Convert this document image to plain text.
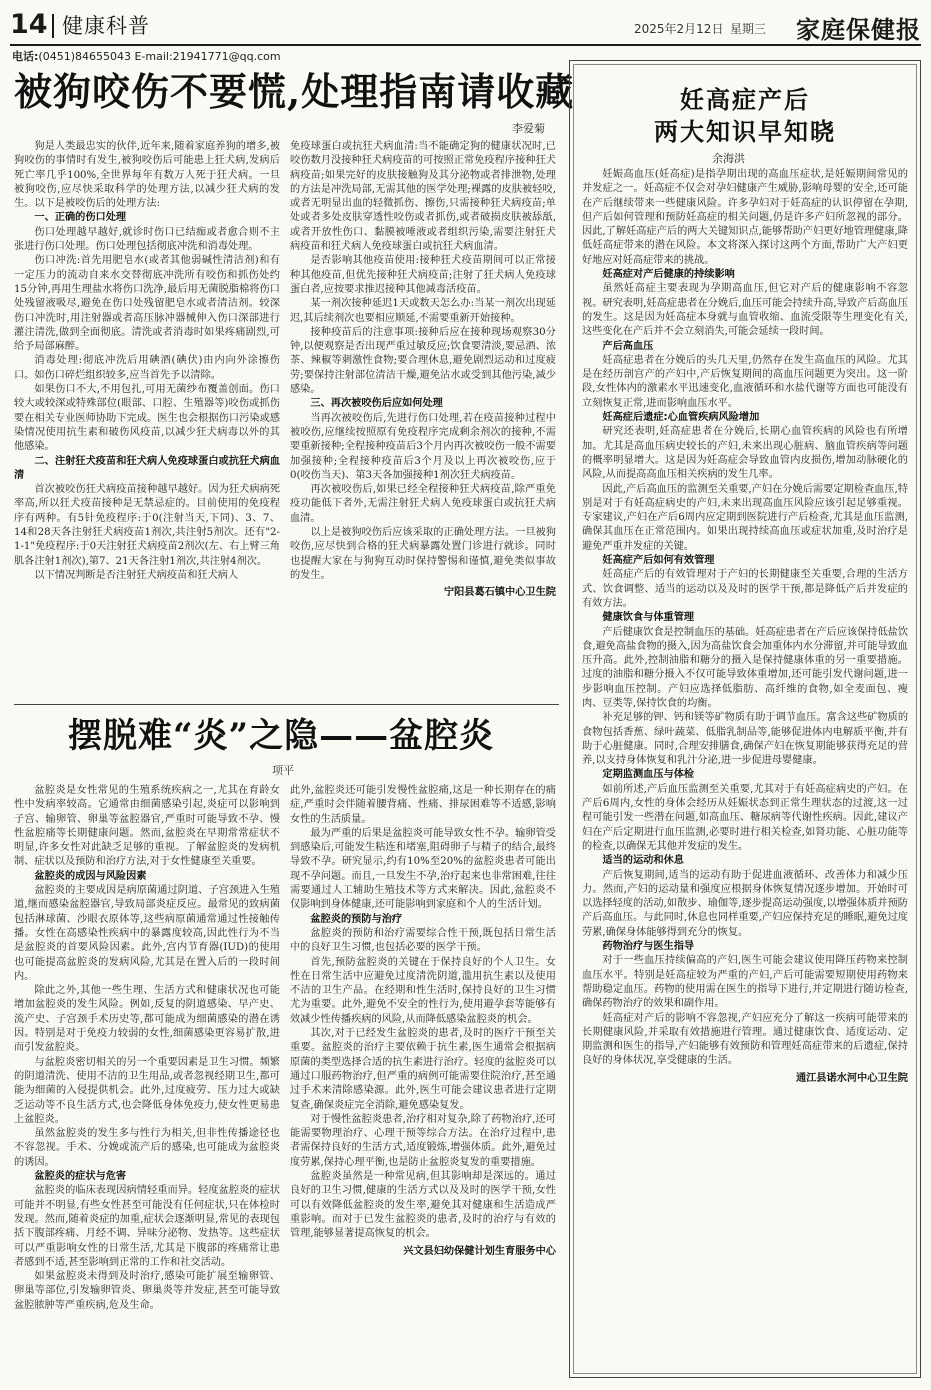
14 健康科普	2025年2月12日 星期三 家庭保健报
电话:(0451)84655043 E-mail:21941771@qq.com
被狗咬伤不要慌,处理指南请收藏
李爱菊

狗是人类最忠实的伙伴,近年来,随着家庭养狗的增多,被狗咬伤的事情时有发生,被狗咬伤后可能患上狂犬病,发病后死亡率几乎100%,全世界每年有数万人死于狂犬病。一旦被狗咬伤,应尽快采取科学的处理方法,以减少狂犬病的发生。以下是被咬伤后的处理方法:

一、正确的伤口处理

伤口处理越早越好,就诊时伤口已结痂或者愈合则不主张进行伤口处理。伤口处理包括彻底冲洗和消毒处理。

伤口冲洗:首先用肥皂水(或者其他弱碱性清洁剂)和有一定压力的流动自来水交替彻底冲洗所有咬伤和抓伤处约15分钟,再用生理盐水将伤口洗净,最后用无菌脱脂棉将伤口处残留液吸尽,避免在伤口处残留肥皂水或者清洁剂。较深伤口冲洗时,用注射器或者高压脉冲器械伸入伤口深部进行灌注清洗,做到全面彻底。清洗或者消毒时如果疼痛剧烈,可给予局部麻醉。

消毒处理:彻底冲洗后用碘酒(碘伏)由内向外涂擦伤口。如伤口碎烂组织较多,应当首先予以清除。

如果伤口不大,不用包扎,可用无菌纱布覆盖创面。伤口较大或较深或特殊部位(眼部、口腔、生殖器等)咬伤或抓伤要在相关专业医师协助下完成。医生也会根据伤口污染或感染情况使用抗生素和破伤风疫苗,以减少狂犬病毒以外的其他感染。

二、注射狂犬疫苗和狂犬病人免疫球蛋白或抗狂犬病血清

首次被咬伤狂犬病疫苗接种越早越好。因为狂犬病病死率高,所以狂犬疫苗接种是无禁忌症的。目前使用的免疫程序有两种。有5针免疫程序:于0(注射当天,下同)、3、7、14和28天各注射狂犬病疫苗1剂次,共注射5剂次。还有"2-1-1"免疫程序:于0天注射狂犬病疫苗2剂次(左、右上臂三角肌各注射1剂次),第7、21天各注射1剂次,共注射4剂次。

以下情况判断是否注射狂犬病疫苗和狂犬病人

免疫球蛋白或抗狂犬病血清:当不能确定狗的健康状况时,已咬伤数月没接种狂犬病疫苗的可按照正常免疫程序接种狂犬病疫苗;如果完好的皮肤接触狗及其分泌物或者排泄物,处理的方法是冲洗局部,无需其他的医学处理;裸露的皮肤被轻咬,或者无明显出血的轻微抓伤、擦伤,只需接种狂犬病疫苗;单处或者多处皮肤穿透性咬伤或者抓伤,或者破损皮肤被舔舐,或者开放性伤口、黏膜被唾液或者组织污染,需要注射狂犬病疫苗和狂犬病人免疫球蛋白或抗狂犬病血清。

是否影响其他疫苗使用:接种狂犬疫苗期间可以正常接种其他疫苗,但优先接种狂犬病疫苗;注射了狂犬病人免疫球蛋白者,应按要求推迟接种其他减毒活疫苗。

某一剂次接种延迟1天或数天怎么办:当某一剂次出现延迟,其后续剂次也要相应顺延,不需要重新开始接种。

接种疫苗后的注意事项:接种后应在接种现场观察30分钟,以便观察是否出现严重过敏反应;饮食要清淡,要忌酒、浓茶、辣椒等刺激性食物;要合理休息,避免剧烈运动和过度疲劳;要保持注射部位清洁干燥,避免沾水或受到其他污染,减少感染。

三、再次被咬伤后应如何处理

当再次被咬伤后,先进行伤口处理,若在疫苗接种过程中被咬伤,应继续按照原有免疫程序完成剩余剂次的接种,不需要重新接种;全程接种疫苗后3个月内再次被咬伤一般不需要加强接种;全程接种疫苗后3个月及以上再次被咬伤,应于0(咬伤当天)、第3天各加强接种1剂次狂犬病疫苗。

再次被咬伤后,如果已经全程接种狂犬病疫苗,除严重免疫功能低下者外,无需注射狂犬病人免疫球蛋白或抗狂犬病血清。

以上是被狗咬伤后应该采取的正确处理方法。一旦被狗咬伤,应尽快到合格的狂犬病暴露处置门诊进行就诊。同时也提醒大家在与狗狗互动时保持警惕和谨慎,避免类似事故的发生。

宁阳县葛石镇中心卫生院

摆脱难“炎”之隐——盆腔炎
项平

盆腔炎是女性常见的生殖系统疾病之一,尤其在育龄女性中发病率较高。它通常由细菌感染引起,炎症可以影响到子宫、输卵管、卵巢等盆腔器官,严重时可能导致不孕、慢性盆腔痛等长期健康问题。然而,盆腔炎在早期常常症状不明显,许多女性对此缺乏足够的重视。了解盆腔炎的发病机制、症状以及预防和治疗方法,对于女性健康至关重要。

盆腔炎的成因与风险因素

盆腔炎的主要成因是病原菌通过阴道、子宫颈进入生殖道,继而感染盆腔器官,导致局部炎症反应。最常见的致病菌包括淋球菌、沙眼衣原体等,这些病原菌通常通过性接触传播。女性在高感染性疾病中的暴露度较高,因此性行为不当是盆腔炎的首要风险因素。此外,宫内节育器(IUD)的使用也可能提高盆腔炎的发病风险,尤其是在置入后的一段时间内。

除此之外,其他一些生理、生活方式和健康状况也可能增加盆腔炎的发生风险。例如,反复的阴道感染、早产史、流产史、子宫颈手术历史等,都可能成为细菌感染的潜在诱因。特别是对于免疫力较弱的女性,细菌感染更容易扩散,进而引发盆腔炎。

与盆腔炎密切相关的另一个重要因素是卫生习惯。频繁的阴道清洗、使用不洁的卫生用品,或者忽视经期卫生,都可能为细菌的入侵提供机会。此外,过度疲劳、压力过大或缺乏运动等不良生活方式,也会降低身体免疫力,使女性更易患上盆腔炎。

虽然盆腔炎的发生多与性行为相关,但非性传播途径也不容忽视。手术、分娩或流产后的感染,也可能成为盆腔炎的诱因。

盆腔炎的症状与危害

盆腔炎的临床表现因病情轻重而异。轻度盆腔炎的症状可能并不明显,有些女性甚至可能没有任何症状,只在体检时发现。然而,随着炎症的加重,症状会逐渐明显,常见的表现包括下腹部疼痛、月经不调、异味分泌物、发热等。这些症状可以严重影响女性的日常生活,尤其是下腹部的疼痛常让患者感到不适,甚至影响到正常的工作和社交活动。

如果盆腔炎未得到及时治疗,感染可能扩展至输卵管、卵巢等部位,引发输卵管炎、卵巢炎等并发症,甚至可能导致盆腔脓肿等严重疾病,危及生命。

此外,盆腔炎还可能引发慢性盆腔痛,这是一种长期存在的痛症,严重时会伴随着腰背痛、性痛、排尿困难等不适感,影响女性的生活质量。

最为严重的后果是盆腔炎可能导致女性不孕。输卵管受到感染后,可能发生粘连和堵塞,阻碍卵子与精子的结合,最终导致不孕。研究显示,约有10%至20%的盆腔炎患者可能出现不孕问题。而且,一旦发生不孕,治疗起来也非常困难,往往需要通过人工辅助生殖技术等方式来解决。因此,盆腔炎不仅影响到身体健康,还可能影响到家庭和个人的生活计划。

盆腔炎的预防与治疗

盆腔炎的预防和治疗需要综合性干预,既包括日常生活中的良好卫生习惯,也包括必要的医学干预。

首先,预防盆腔炎的关键在于保持良好的个人卫生。女性在日常生活中应避免过度清洗阴道,滥用抗生素以及使用不洁的卫生产品。在经期和性生活时,保持良好的卫生习惯尤为重要。此外,避免不安全的性行为,使用避孕套等能够有效减少性传播疾病的风险,从而降低感染盆腔炎的机会。

其次,对于已经发生盆腔炎的患者,及时的医疗干预至关重要。盆腔炎的治疗主要依赖于抗生素,医生通常会根据病原菌的类型选择合适的抗生素进行治疗。轻度的盆腔炎可以通过口服药物治疗,但严重的病例可能需要住院治疗,甚至通过手术来清除感染源。此外,医生可能会建议患者进行定期复查,确保炎症完全消除,避免感染复发。

对于慢性盆腔炎患者,治疗相对复杂,除了药物治疗,还可能需要物理治疗、心理干预等综合方法。在治疗过程中,患者需保持良好的生活方式,适度锻炼,增强体质。此外,避免过度劳累,保持心理平衡,也是防止盆腔炎复发的重要措施。

盆腔炎虽然是一种常见病,但其影响却是深远的。通过良好的卫生习惯,健康的生活方式以及及时的医学干预,女性可以有效降低盆腔炎的发生率,避免其对健康和生活造成严重影响。而对于已发生盆腔炎的患者,及时的治疗与有效的管理,能够显著提高恢复的机会。

兴文县妇幼保健计划生育服务中心

妊高症产后
两大知识早知晓
余海洪

妊娠高血压(妊高症)是指孕期出现的高血压症状,是妊娠期间常见的并发症之一。妊高症不仅会对孕妇健康产生威胁,影响母婴的安全,还可能在产后继续带来一些健康风险。许多孕妇对于妊高症的认识停留在孕期,但产后如何管理和预防妊高症的相关问题,仍是许多产妇所忽视的部分。因此,了解妊高症产后的两大关键知识点,能够帮助产妇更好地管理健康,降低妊高症带来的潜在风险。本文将深入探讨这两个方面,帮助广大产妇更好地应对妊高症带来的挑战。

妊高症对产后健康的持续影响

虽然妊高症主要表现为孕期高血压,但它对产后的健康影响不容忽视。研究表明,妊高症患者在分娩后,血压可能会持续升高,导致产后高血压的发生。这是因为妊高症本身就与血管收缩、血流受限等生理变化有关,这些变化在产后并不会立刻消失,可能会延续一段时间。

产后高血压

妊高症患者在分娩后的头几天里,仍然存在发生高血压的风险。尤其是在经历剖宫产的产妇中,产后恢复期间的高血压问题更为突出。这一阶段,女性体内的激素水平迅速变化,血液循环和水盐代谢等方面也可能没有立刻恢复正常,进而影响血压水平。

妊高症后遗症:心血管疾病风险增加

研究还表明,妊高症患者在分娩后,长期心血管疾病的风险也有所增加。尤其是高血压病史较长的产妇,未来出现心脏病、脑血管疾病等问题的概率明显增大。这是因为妊高症会导致血管内皮损伤,增加动脉硬化的风险,从而提高高血压相关疾病的发生几率。

因此,产后高血压的监测至关重要,产妇在分娩后需要定期检查血压,特别是对于有妊高症病史的产妇,未来出现高血压风险应该引起足够重视。专家建议,产妇在产后6周内应定期到医院进行产后检查,尤其是血压监测,确保其血压在正常范围内。如果出现持续高血压或症状加重,及时治疗是避免严重并发症的关键。

妊高症产后如何有效管理

妊高症产后的有效管理对于产妇的长期健康至关重要,合理的生活方式、饮食调整、适当的运动以及及时的医学干预,都是降低产后并发症的有效方法。

健康饮食与体重管理

产后健康饮食是控制血压的基础。妊高症患者在产后应该保持低盐饮食,避免高盐食物的摄入,因为高盐饮食会加重体内水分滞留,并可能导致血压升高。此外,控制油脂和糖分的摄入是保持健康体重的另一重要措施。过度的油脂和糖分摄入不仅可能导致体重增加,还可能引发代谢问题,进一步影响血压控制。产妇应选择低脂肪、高纤维的食物,如全麦面包、瘦肉、豆类等,保持饮食的均衡。

补充足够的钾、钙和镁等矿物质有助于调节血压。富含这些矿物质的食物包括香蕉、绿叶蔬菜、低脂乳制品等,能够促进体内电解质平衡,并有助于心脏健康。同时,合理安排膳食,确保产妇在恢复期能够获得充足的营养,以支持身体恢复和乳汁分泌,进一步促进母婴健康。

定期监测血压与体检

如前所述,产后血压监测至关重要,尤其对于有妊高症病史的产妇。在产后6周内,女性的身体会经历从妊娠状态到正常生理状态的过渡,这一过程可能引发一些潜在问题,如高血压、糖尿病等代谢性疾病。因此,建议产妇在产后定期进行血压监测,必要时进行相关检查,如肾功能、心脏功能等的检查,以确保无其他并发症的发生。

适当的运动和休息

产后恢复期间,适当的运动有助于促进血液循环、改善体力和减少压力。然而,产妇的运动量和强度应根据身体恢复情况逐步增加。开始时可以选择轻度的活动,如散步、瑜伽等,逐步提高运动强度,以增强体质并预防产后高血压。与此同时,休息也同样重要,产妇应保持充足的睡眠,避免过度劳累,确保身体能够得到充分的恢复。

药物治疗与医生指导

对于一些血压持续偏高的产妇,医生可能会建议使用降压药物来控制血压水平。特别是妊高症较为严重的产妇,产后可能需要短期使用药物来帮助稳定血压。药物的使用需在医生的指导下进行,并定期进行随访检查,确保药物治疗的效果和副作用。

妊高症对产后的影响不容忽视,产妇应充分了解这一疾病可能带来的长期健康风险,并采取有效措施进行管理。通过健康饮食、适度运动、定期监测和医生的指导,产妇能够有效预防和管理妊高症带来的后遗症,保持良好的身体状况,享受健康的生活。

通江县诺水河中心卫生院
